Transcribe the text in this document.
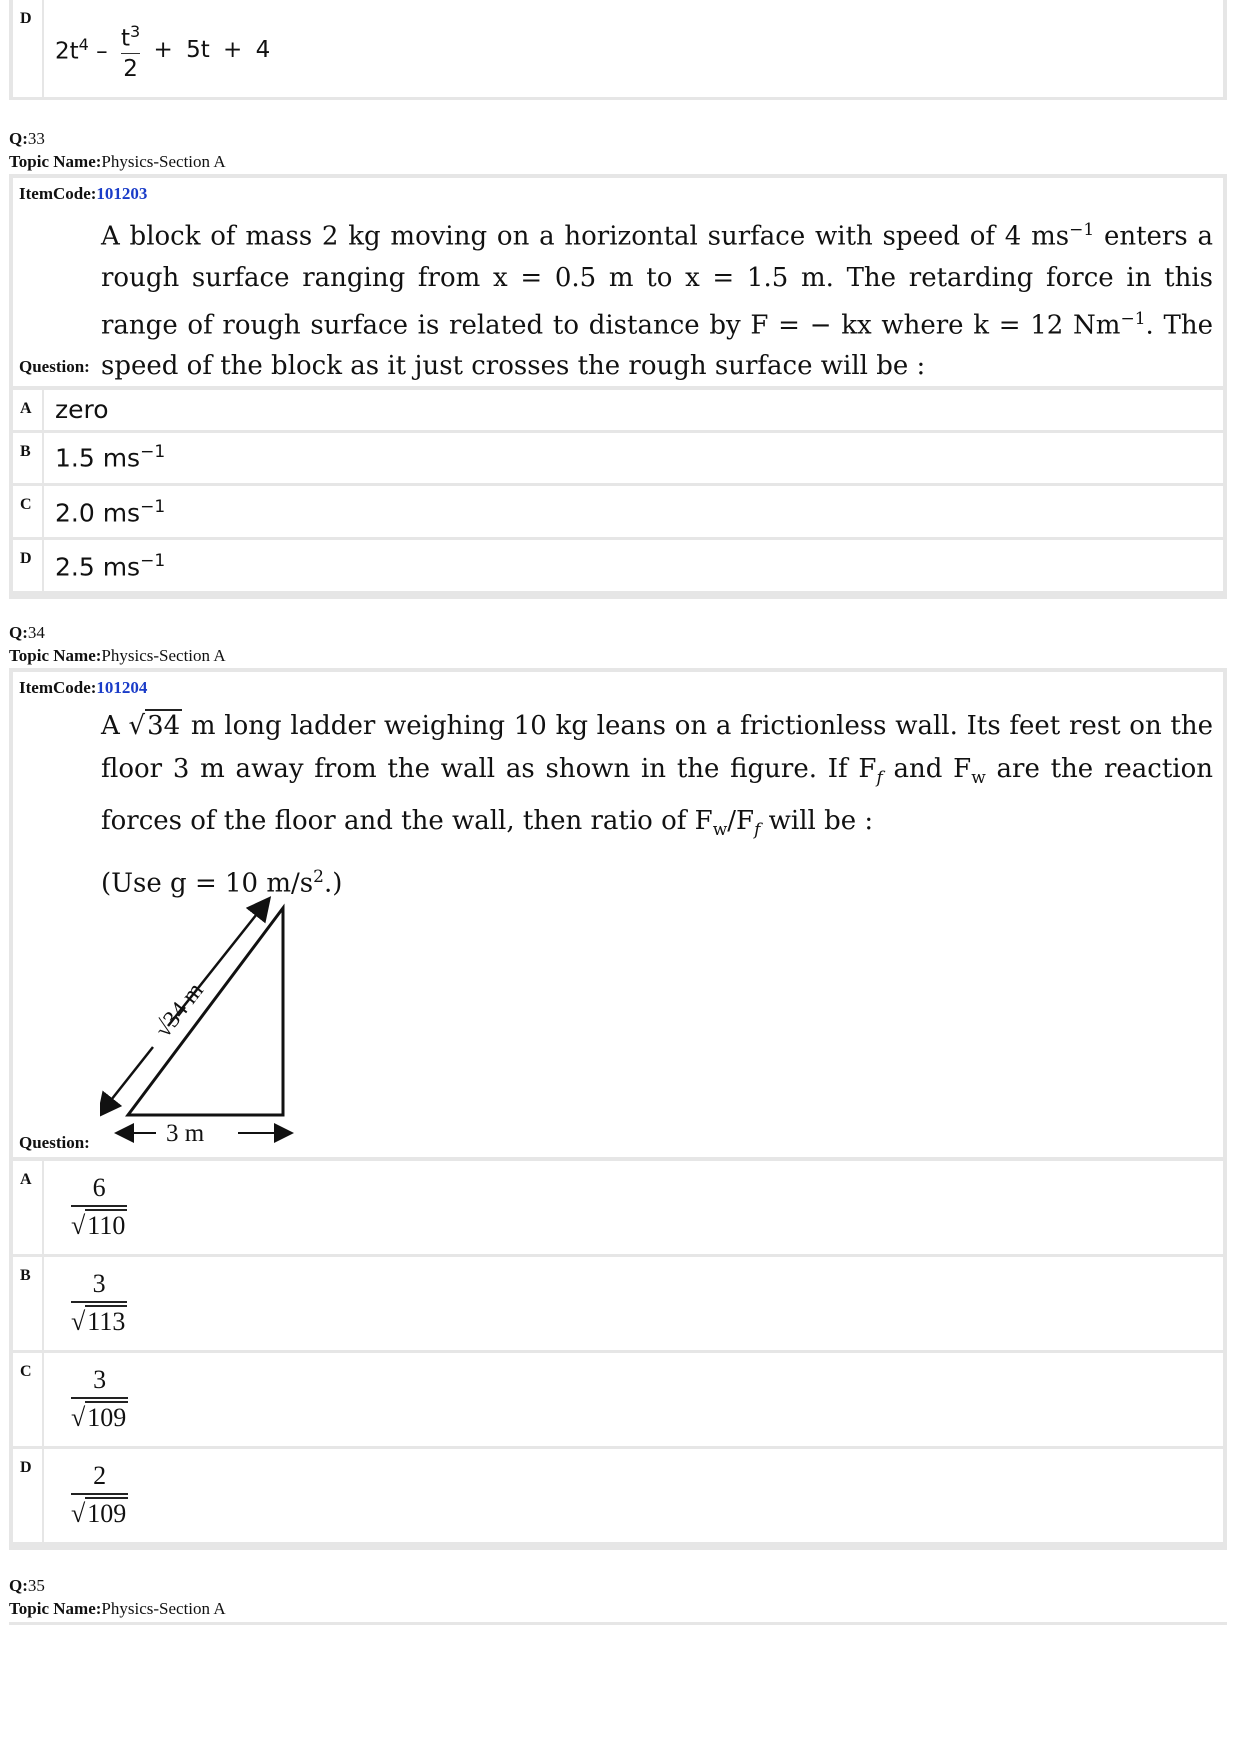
D
$2t^4 - \frac{t^3}{2} + 5t + 4$
Q:33
Topic Name:Physics-Section A
ItemCode:101203
A block of mass 2 kg moving on a horizontal surface with speed of 4 $ms^{-1}$ enters a rough surface ranging from x = 0.5 m to x = 1.5 m. The retarding force in this range of rough surface is related to distance by F = − kx where k = 12 $Nm^{-1}$. The speed of the block as it just crosses the rough surface will be :
Question:
A zero
B 1.5 $ms^{-1}$
C 2.0 $ms^{-1}$
D 2.5 $ms^{-1}$
Q:34
Topic Name:Physics-Section A
ItemCode:101204
A √34 m long ladder weighing 10 kg leans on a frictionless wall. Its feet rest on the floor 3 m away from the wall as shown in the figure. If $F_f$ and $F_w$ are the reaction forces of the floor and the wall, then ratio of $F_w/F_f$ will be :
(Use g = 10 $m/s^2$.)
√34 m
3 m
Question:
A	$\frac{6}{√110}$
B	$\frac{3}{√113}$
C	$\frac{3}{√109}$
D	$\frac{2}{√109}$
Q:35
Topic Name:Physics-Section A
